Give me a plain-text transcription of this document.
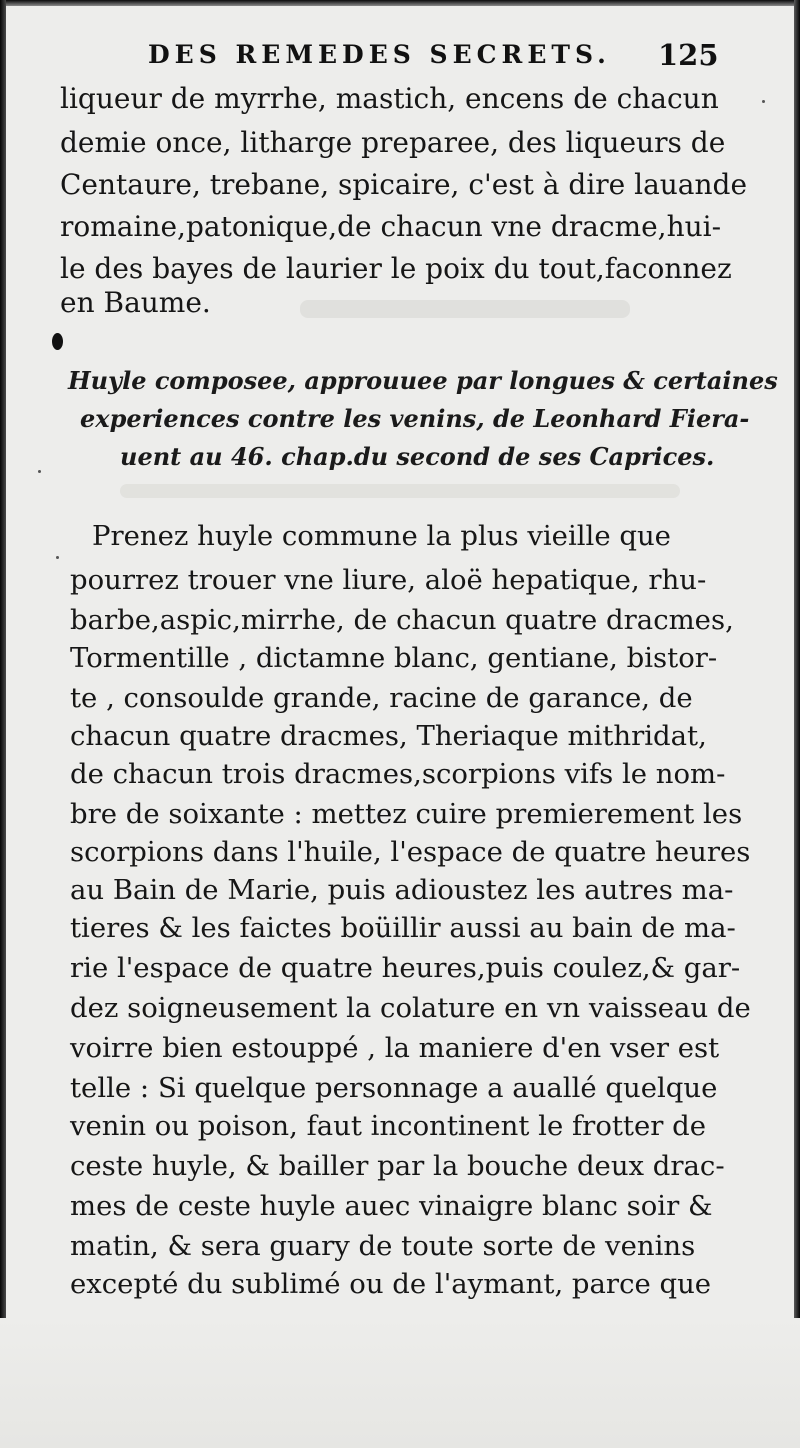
DES REMEDES SECRETS. 125
liqueur de myrrhe, mastich, encens de chacun
demie once, litharge preparee, des liqueurs de
Centaure, trebane, spicaire, c'est à dire lauande
romaine,patonique,de chacun vne dracme,hui-
le des bayes de laurier le poix du tout,faconnez
en Baume.
Huyle composee, approuuee par longues & certaines
experiences contre les venins, de Leonhard Fiera-
uent au 46. chap.du second de ses Caprices.
Prenez huyle commune la plus vieille que
pourrez trouer vne liure, aloë hepatique, rhu-
barbe,aspic,mirrhe, de chacun quatre dracmes,
Tormentille , dictamne blanc, gentiane, bistor-
te , consoulde grande, racine de garance, de
chacun quatre dracmes, Theriaque mithridat,
de chacun trois dracmes,scorpions vifs le nom-
bre de soixante : mettez cuire premierement les
scorpions dans l'huile, l'espace de quatre heures
au Bain de Marie, puis adioustez les autres ma-
tieres & les faictes boüillir aussi au bain de ma-
rie l'espace de quatre heures,puis coulez,& gar-
dez soigneusement la colature en vn vaisseau de
voirre bien estouppé , la maniere d'en vser est
telle : Si quelque personnage a auallé quelque
venin ou poison, faut incontinent le frotter de
ceste huyle, & bailler par la bouche deux drac-
mes de ceste huyle auec vinaigre blanc soir &
matin, & sera guary de toute sorte de venins
excepté du sublimé ou de l'aymant, parce que
